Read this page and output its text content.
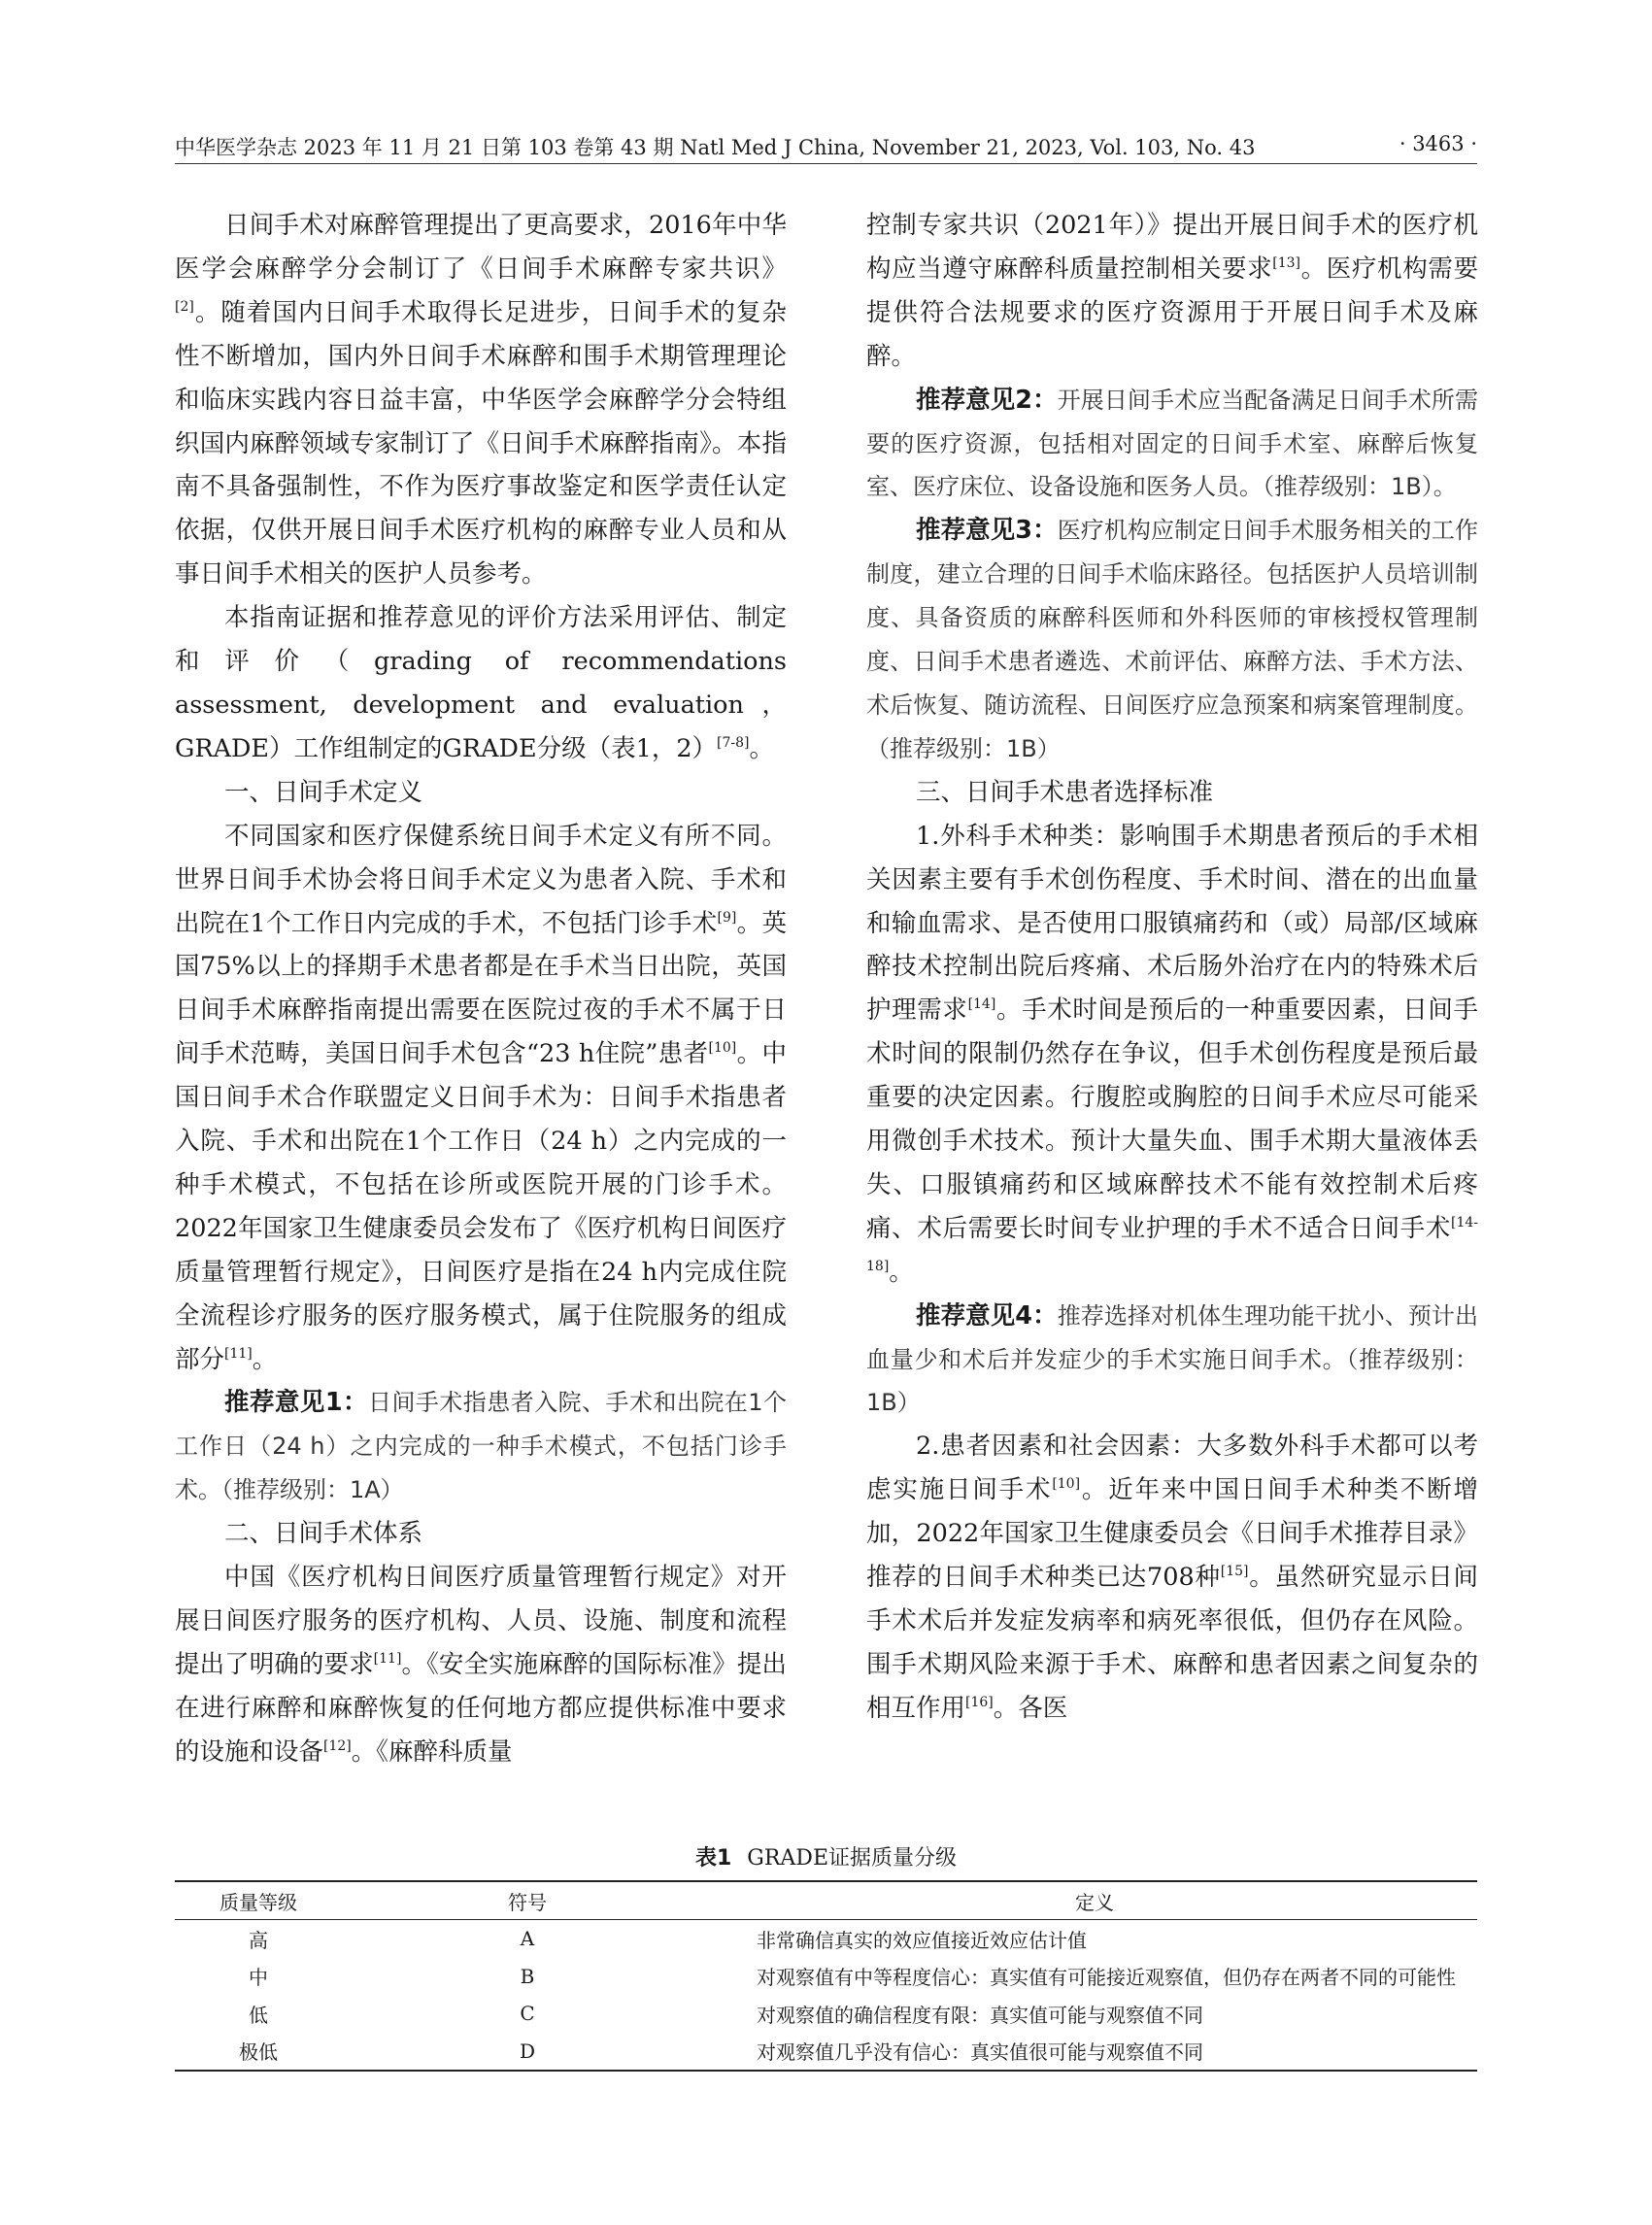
中华医学杂志 2023 年 11 月 21 日第 103 卷第 43 期 Natl Med J China, November 21, 2023, Vol. 103, No. 43	· 3463 ·

日间手术对麻醉管理提出了更高要求，2016年中华医学会麻醉学分会制订了《日间手术麻醉专家共识》[2]。随着国内日间手术取得长足进步，日间手术的复杂性不断增加，国内外日间手术麻醉和围手术期管理理论和临床实践内容日益丰富，中华医学会麻醉学分会特组织国内麻醉领域专家制订了《日间手术麻醉指南》。本指南不具备强制性，不作为医疗事故鉴定和医学责任认定依据，仅供开展日间手术医疗机构的麻醉专业人员和从事日间手术相关的医护人员参考。

本指南证据和推荐意见的评价方法采用评估、制定和评价（grading of recommendations assessment, development and evaluation，GRADE）工作组制定的GRADE分级（表1，2）[7-8]。

一、日间手术定义

不同国家和医疗保健系统日间手术定义有所不同。世界日间手术协会将日间手术定义为患者入院、手术和出院在1个工作日内完成的手术，不包括门诊手术[9]。英国75%以上的择期手术患者都是在手术当日出院，英国日间手术麻醉指南提出需要在医院过夜的手术不属于日间手术范畴，美国日间手术包含“23 h住院”患者[10]。中国日间手术合作联盟定义日间手术为：日间手术指患者入院、手术和出院在1个工作日（24 h）之内完成的一种手术模式，不包括在诊所或医院开展的门诊手术。2022年国家卫生健康委员会发布了《医疗机构日间医疗质量管理暂行规定》，日间医疗是指在24 h内完成住院全流程诊疗服务的医疗服务模式，属于住院服务的组成部分[11]。

推荐意见1：日间手术指患者入院、手术和出院在1个工作日（24 h）之内完成的一种手术模式，不包括门诊手术。（推荐级别：1A）

二、日间手术体系

中国《医疗机构日间医疗质量管理暂行规定》对开展日间医疗服务的医疗机构、人员、设施、制度和流程提出了明确的要求[11]。《安全实施麻醉的国际标准》提出在进行麻醉和麻醉恢复的任何地方都应提供标准中要求的设施和设备[12]。《麻醉科质量

控制专家共识（2021年）》提出开展日间手术的医疗机构应当遵守麻醉科质量控制相关要求[13]。医疗机构需要提供符合法规要求的医疗资源用于开展日间手术及麻醉。

推荐意见2：开展日间手术应当配备满足日间手术所需要的医疗资源，包括相对固定的日间手术室、麻醉后恢复室、医疗床位、设备设施和医务人员。（推荐级别：1B）。

推荐意见3：医疗机构应制定日间手术服务相关的工作制度，建立合理的日间手术临床路径。包括医护人员培训制度、具备资质的麻醉科医师和外科医师的审核授权管理制度、日间手术患者遴选、术前评估、麻醉方法、手术方法、术后恢复、随访流程、日间医疗应急预案和病案管理制度。（推荐级别：1B）

三、日间手术患者选择标准

1.外科手术种类：影响围手术期患者预后的手术相关因素主要有手术创伤程度、手术时间、潜在的出血量和输血需求、是否使用口服镇痛药和（或）局部/区域麻醉技术控制出院后疼痛、术后肠外治疗在内的特殊术后护理需求[14]。手术时间是预后的一种重要因素，日间手术时间的限制仍然存在争议，但手术创伤程度是预后最重要的决定因素。行腹腔或胸腔的日间手术应尽可能采用微创手术技术。预计大量失血、围手术期大量液体丢失、口服镇痛药和区域麻醉技术不能有效控制术后疼痛、术后需要长时间专业护理的手术不适合日间手术[14-18]。

推荐意见4：推荐选择对机体生理功能干扰小、预计出血量少和术后并发症少的手术实施日间手术。（推荐级别：1B）

2.患者因素和社会因素：大多数外科手术都可以考虑实施日间手术[10]。近年来中国日间手术种类不断增加，2022年国家卫生健康委员会《日间手术推荐目录》推荐的日间手术种类已达708种[15]。虽然研究显示日间手术术后并发症发病率和病死率很低，但仍存在风险。围手术期风险来源于手术、麻醉和患者因素之间复杂的相互作用[16]。各医

表1 GRADE证据质量分级
质量等级	符号	定义
高	A	非常确信真实的效应值接近效应估计值
中	B	对观察值有中等程度信心：真实值有可能接近观察值，但仍存在两者不同的可能性
低	C	对观察值的确信程度有限：真实值可能与观察值不同
极低	D	对观察值几乎没有信心：真实值很可能与观察值不同
